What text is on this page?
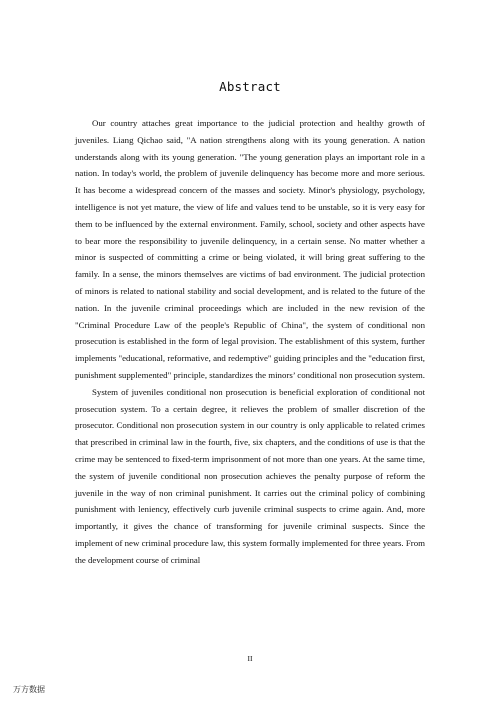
Abstract

Our country attaches great importance to the judicial protection and healthy growth of juveniles. Liang Qichao said, "A nation strengthens along with its young generation. A nation understands along with its young generation. "The young generation plays an important role in a nation. In today's world, the problem of juvenile delinquency has become more and more serious. It has become a widespread concern of the masses and society. Minor's physiology, psychology, intelligence is not yet mature, the view of life and values tend to be unstable, so it is very easy for them to be influenced by the external environment. Family, school, society and other aspects have to bear more the responsibility to juvenile delinquency, in a certain sense. No matter whether a minor is suspected of committing a crime or being violated, it will bring great suffering to the family. In a sense, the minors themselves are victims of bad environment. The judicial protection of minors is related to national stability and social development, and is related to the future of the nation. In the juvenile criminal proceedings which are included in the new revision of the "Criminal Procedure Law of the people's Republic of China", the system of conditional non prosecution is established in the form of legal provision. The establishment of this system, further implements "educational, reformative, and redemptive" guiding principles and the "education first, punishment supplemented" principle, standardizes the minors’ conditional non prosecution system.

System of juveniles conditional non prosecution is beneficial exploration of conditional not prosecution system. To a certain degree, it relieves the problem of smaller discretion of the prosecutor. Conditional non prosecution system in our country is only applicable to related crimes that prescribed in criminal law in the fourth, five, six chapters, and the conditions of use is that the crime may be sentenced to fixed-term imprisonment of not more than one years. At the same time, the system of juvenile conditional non prosecution achieves the penalty purpose of reform the juvenile in the way of non criminal punishment. It carries out the criminal policy of combining punishment with leniency, effectively curb juvenile criminal suspects to crime again. And, more importantly, it gives the chance of transforming for juvenile criminal suspects. Since the implement of new criminal procedure law, this system formally implemented for three years. From the development course of criminal

II
万方数据
